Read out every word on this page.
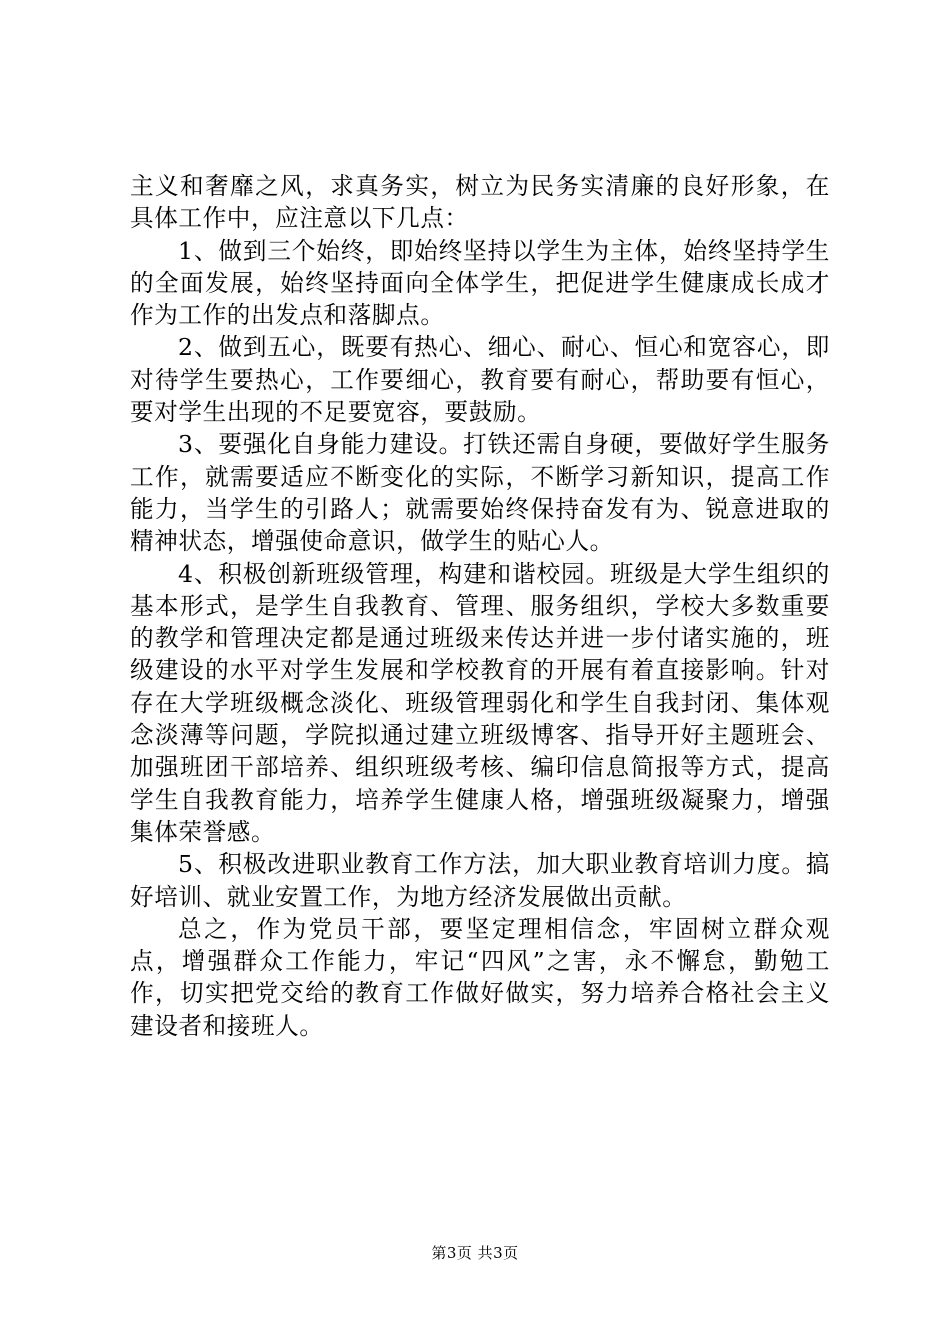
主义和奢靡之风，求真务实，树立为民务实清廉的良好形象，在具体工作中，应注意以下几点：

1、做到三个始终，即始终坚持以学生为主体，始终坚持学生的全面发展，始终坚持面向全体学生，把促进学生健康成长成才作为工作的出发点和落脚点。

2、做到五心，既要有热心、细心、耐心、恒心和宽容心，即对待学生要热心，工作要细心，教育要有耐心，帮助要有恒心，要对学生出现的不足要宽容，要鼓励。

3、要强化自身能力建设。打铁还需自身硬，要做好学生服务工作，就需要适应不断变化的实际，不断学习新知识，提高工作能力，当学生的引路人；就需要始终保持奋发有为、锐意进取的精神状态，增强使命意识，做学生的贴心人。

4、积极创新班级管理，构建和谐校园。班级是大学生组织的基本形式，是学生自我教育、管理、服务组织，学校大多数重要的教学和管理决定都是通过班级来传达并进一步付诸实施的，班级建设的水平对学生发展和学校教育的开展有着直接影响。针对存在大学班级概念淡化、班级管理弱化和学生自我封闭、集体观念淡薄等问题，学院拟通过建立班级博客、指导开好主题班会、加强班团干部培养、组织班级考核、编印信息简报等方式，提高学生自我教育能力，培养学生健康人格，增强班级凝聚力，增强集体荣誉感。

5、积极改进职业教育工作方法，加大职业教育培训力度。搞好培训、就业安置工作，为地方经济发展做出贡献。

总之，作为党员干部，要坚定理相信念，牢固树立群众观点，增强群众工作能力，牢记“四风”之害，永不懈怠，勤勉工作，切实把党交给的教育工作做好做实，努力培养合格社会主义建设者和接班人。

第3页 共3页
